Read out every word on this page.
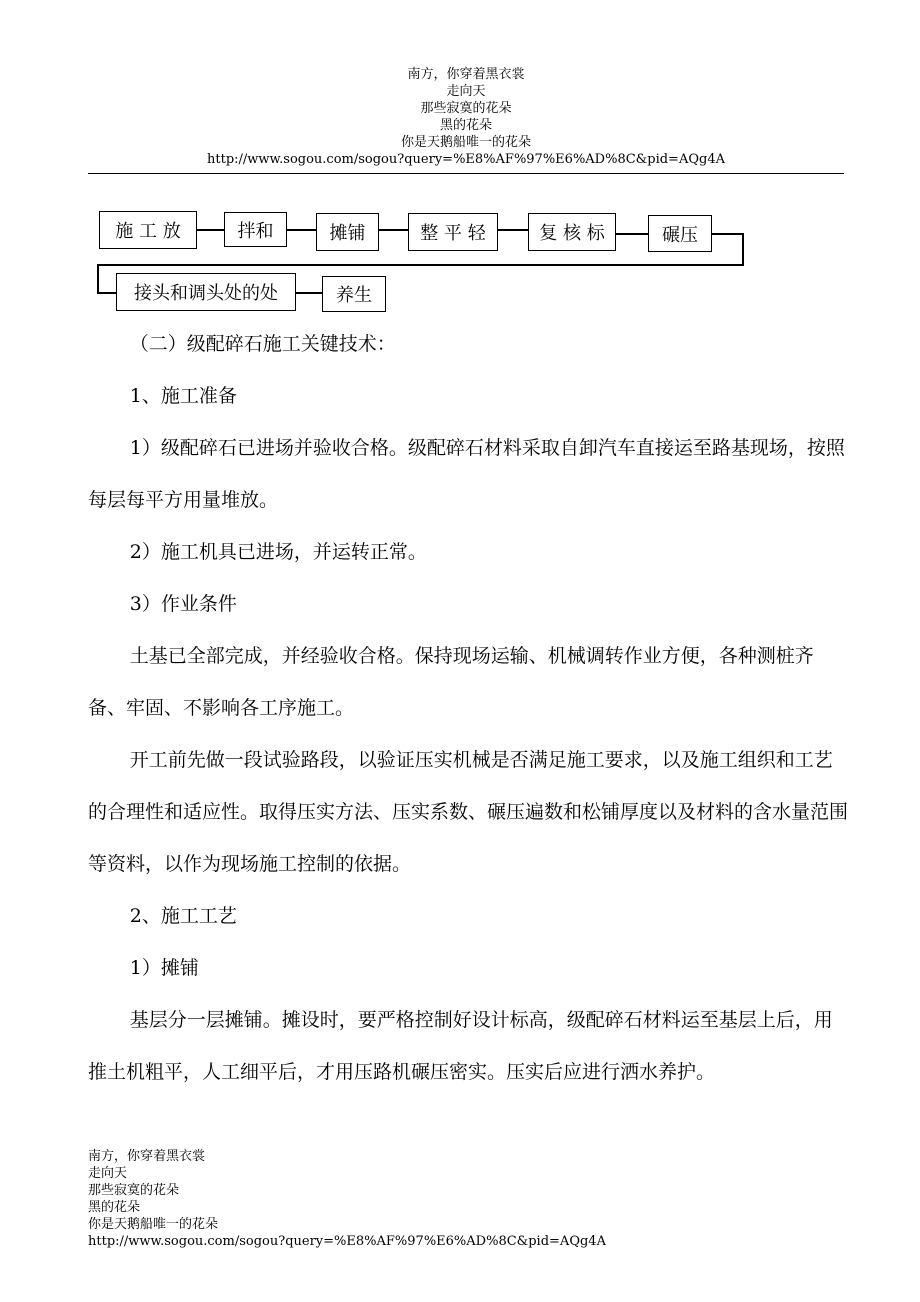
南方，你穿着黑衣裳
走向天
那些寂寞的花朵
黑的花朵
你是天鹅船唯一的花朵
http://www.sogou.com/sogou?query=%E8%AF%97%E6%AD%8C&pid=AQg4A
施 工 放	拌和	摊铺	整 平 轻	复 核 标	碾压
接头和调头处的处	养生

（二）级配碎石施工关键技术：

1、施工准备

1）级配碎石已进场并验收合格。级配碎石材料采取自卸汽车直接运至路基现场，按照每层每平方用量堆放。

2）施工机具已进场，并运转正常。

3）作业条件

土基已全部完成，并经验收合格。保持现场运输、机械调转作业方便，各种测桩齐备、牢固、不影响各工序施工。

开工前先做一段试验路段，以验证压实机械是否满足施工要求，以及施工组织和工艺的合理性和适应性。取得压实方法、压实系数、碾压遍数和松铺厚度以及材料的含水量范围等资料，以作为现场施工控制的依据。

2、施工工艺

1）摊铺

基层分一层摊铺。摊设时，要严格控制好设计标高，级配碎石材料运至基层上后，用推土机粗平，人工细平后，才用压路机碾压密实。压实后应进行洒水养护。

南方，你穿着黑衣裳
走向天
那些寂寞的花朵
黑的花朵
你是天鹅船唯一的花朵
http://www.sogou.com/sogou?query=%E8%AF%97%E6%AD%8C&pid=AQg4A
